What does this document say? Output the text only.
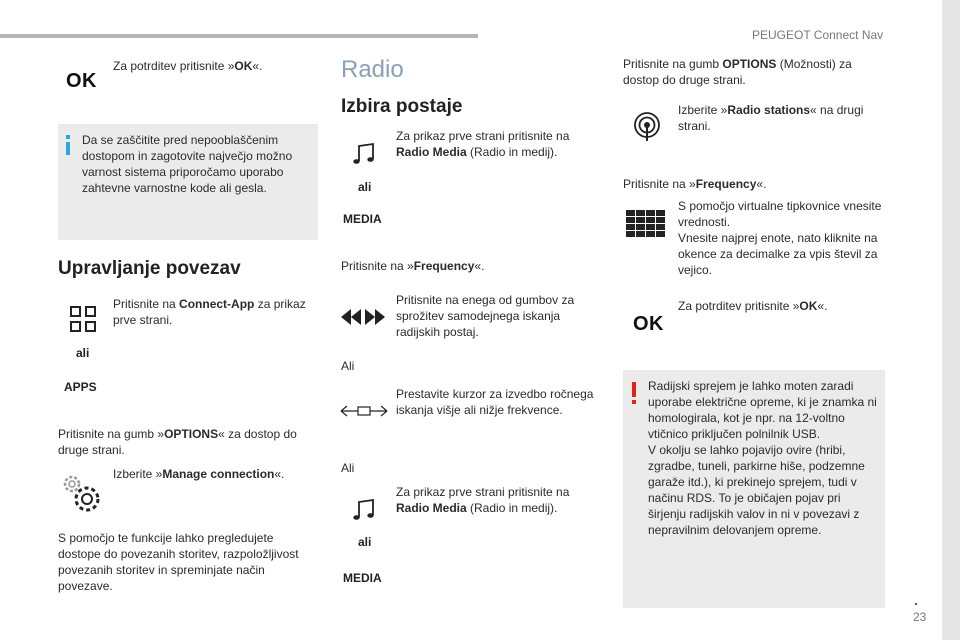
PEUGEOT Connect Nav
OK
Za potrditev pritisnite »OK«.
Da se zaščitite pred nepooblaščenim dostopom in zagotovite največjo možno varnost sistema priporočamo uporabo zahtevne varnostne kode ali gesla.
Upravljanje povezav
Pritisnite na Connect-App za prikaz prve strani.
ali
APPS
Pritisnite na gumb »OPTIONS« za dostop do druge strani.
Izberite »Manage connection«.
S pomočjo te funkcije lahko pregledujete dostope do povezanih storitev, razpoložljivost povezanih storitev in spreminjate način povezave.
Radio
Izbira postaje
Za prikaz prve strani pritisnite na Radio Media (Radio in medij).
ali
MEDIA
Pritisnite na »Frequency«.
Pritisnite na enega od gumbov za sprožitev samodejnega iskanja radijskih postaj.
Ali
Prestavite kurzor za izvedbo ročnega iskanja višje ali nižje frekvence.
Ali
Za prikaz prve strani pritisnite na Radio Media (Radio in medij).
ali
MEDIA
Pritisnite na gumb OPTIONS (Možnosti) za dostop do druge strani.
Izberite »Radio stations« na drugi strani.
Pritisnite na »Frequency«.
S pomočjo virtualne tipkovnice vnesite vrednosti.
Vnesite najprej enote, nato kliknite na okence za decimalke za vpis števil za vejico.
OK
Za potrditev pritisnite »OK«.
Radijski sprejem je lahko moten zaradi uporabe električne opreme, ki je znamka ni homologirala, kot je npr. na 12-voltno vtičnico priključen polnilnik USB.
V okolju se lahko pojavijo ovire (hribi, zgradbe, tuneli, parkirne hiše, podzemne garaže itd.), ki prekinejo sprejem, tudi v načinu RDS. To je običajen pojav pri širjenju radijskih valov in ni v povezavi z nepravilnim delovanjem opreme.
.
23
